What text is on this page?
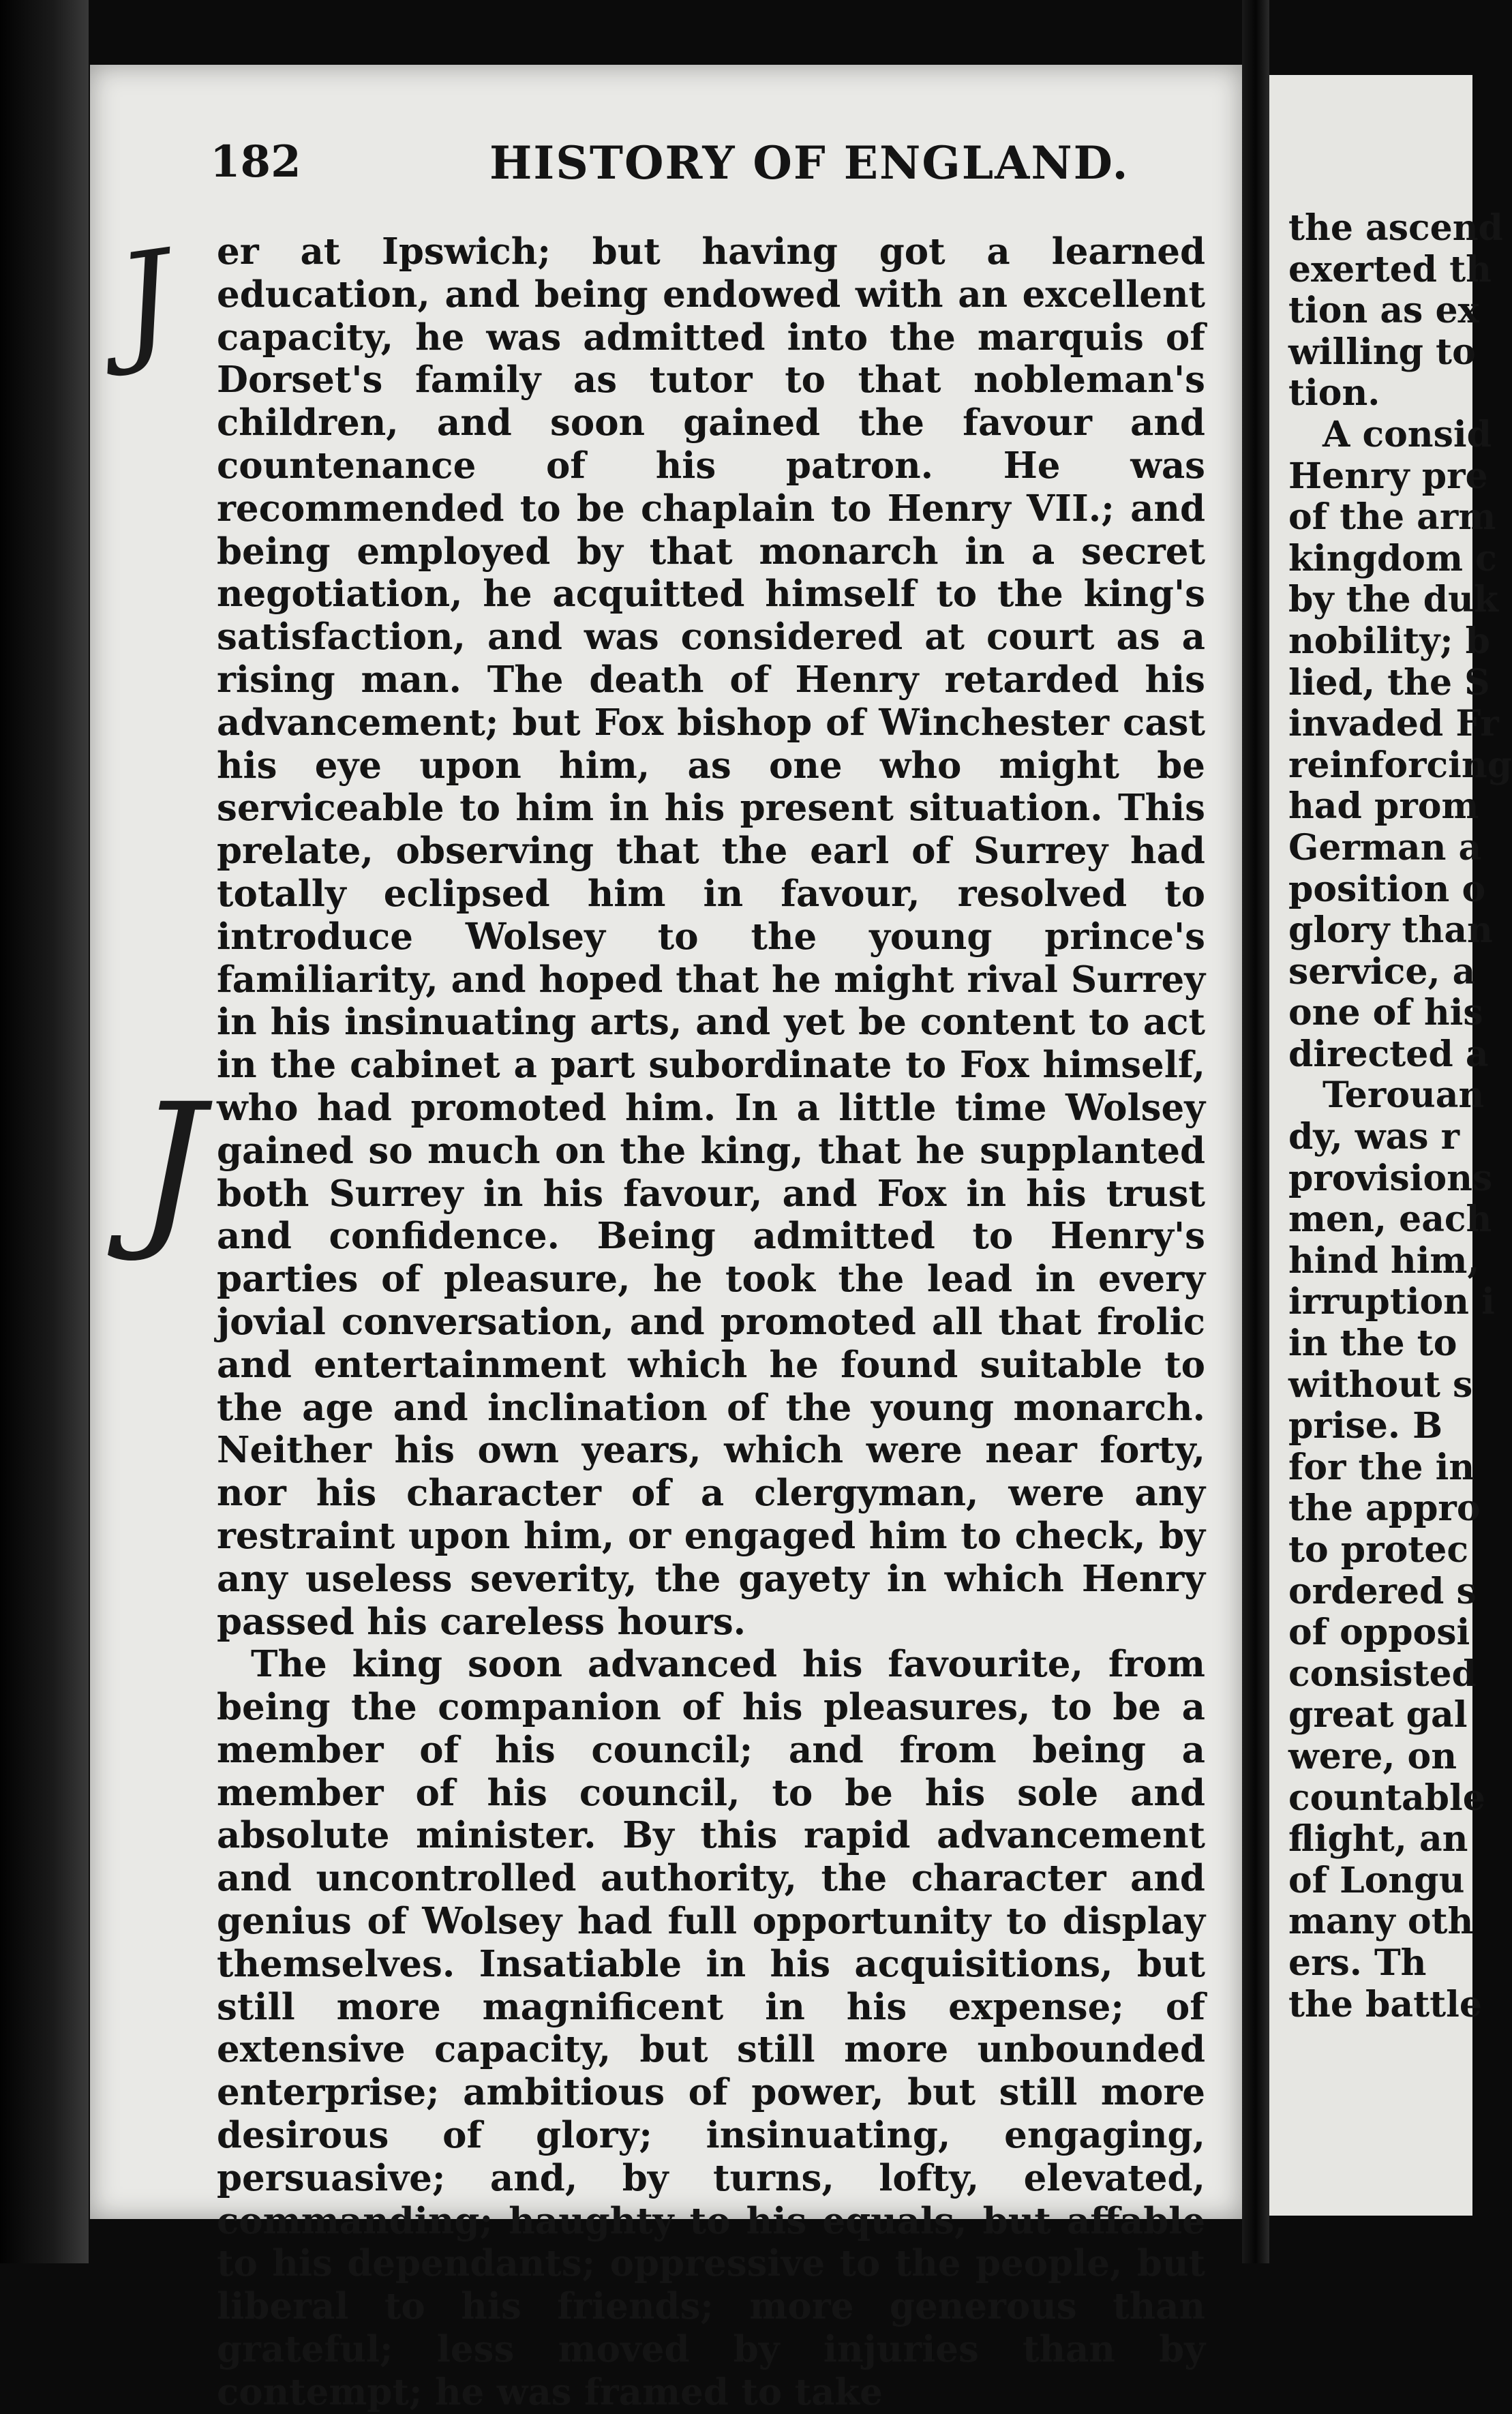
J
J
182	HISTORY OF ENGLAND.

er at Ipswich; but having got a learned education, and being endowed with an excellent capacity, he was admitted into the marquis of Dorset's family as tutor to that nobleman's children, and soon gained the favour and countenance of his patron. He was recommended to be chaplain to Henry VII.; and being employed by that monarch in a secret negotiation, he acquitted himself to the king's satisfaction, and was considered at court as a rising man. The death of Henry retarded his advancement; but Fox bishop of Winchester cast his eye upon him, as one who might be serviceable to him in his present situation. This prelate, observing that the earl of Surrey had totally eclipsed him in favour, resolved to introduce Wolsey to the young prince's familiarity, and hoped that he might rival Surrey in his insinuating arts, and yet be content to act in the cabinet a part subordinate to Fox himself, who had promoted him. In a little time Wolsey gained so much on the king, that he supplanted both Surrey in his favour, and Fox in his trust and confidence. Being admitted to Henry's parties of pleasure, he took the lead in every jovial conversation, and promoted all that frolic and entertainment which he found suitable to the age and inclination of the young monarch. Neither his own years, which were near forty, nor his character of a clergyman, were any restraint upon him, or engaged him to check, by any useless severity, the gayety in which Henry passed his careless hours.

The king soon advanced his favourite, from being the companion of his pleasures, to be a member of his council; and from being a member of his council, to be his sole and absolute minister. By this rapid advancement and uncontrolled authority, the character and genius of Wolsey had full opportunity to display themselves. Insatiable in his acquisitions, but still more magnificent in his expense; of extensive capacity, but still more unbounded enterprise; ambitious of power, but still more desirous of glory; insinuating, engaging, persuasive; and, by turns, lofty, elevated, commanding; haughty to his equals, but affable to his dependants; oppressive to the people, but liberal to his friends; more generous than grateful; less moved by injuries than by contempt; he was framed to take

the ascend
exerted th
tion as ex
willing to
tion.
A consid
Henry pre
of the arm
kingdom c
by the duk
nobility; b
lied, the S
invaded Fr
reinforcing
had prom
German a
position o
glory than
service, a
one of his
directed a
Terouan
dy, was r
provisions
men, each
hind him,
irruption i
in the to
without s
prise. B
for the in
the appro
to protec
ordered s
of opposi
consisted
great gal
were, on
countable
flight, an
of Longu
many oth
ers. Th
the battle
